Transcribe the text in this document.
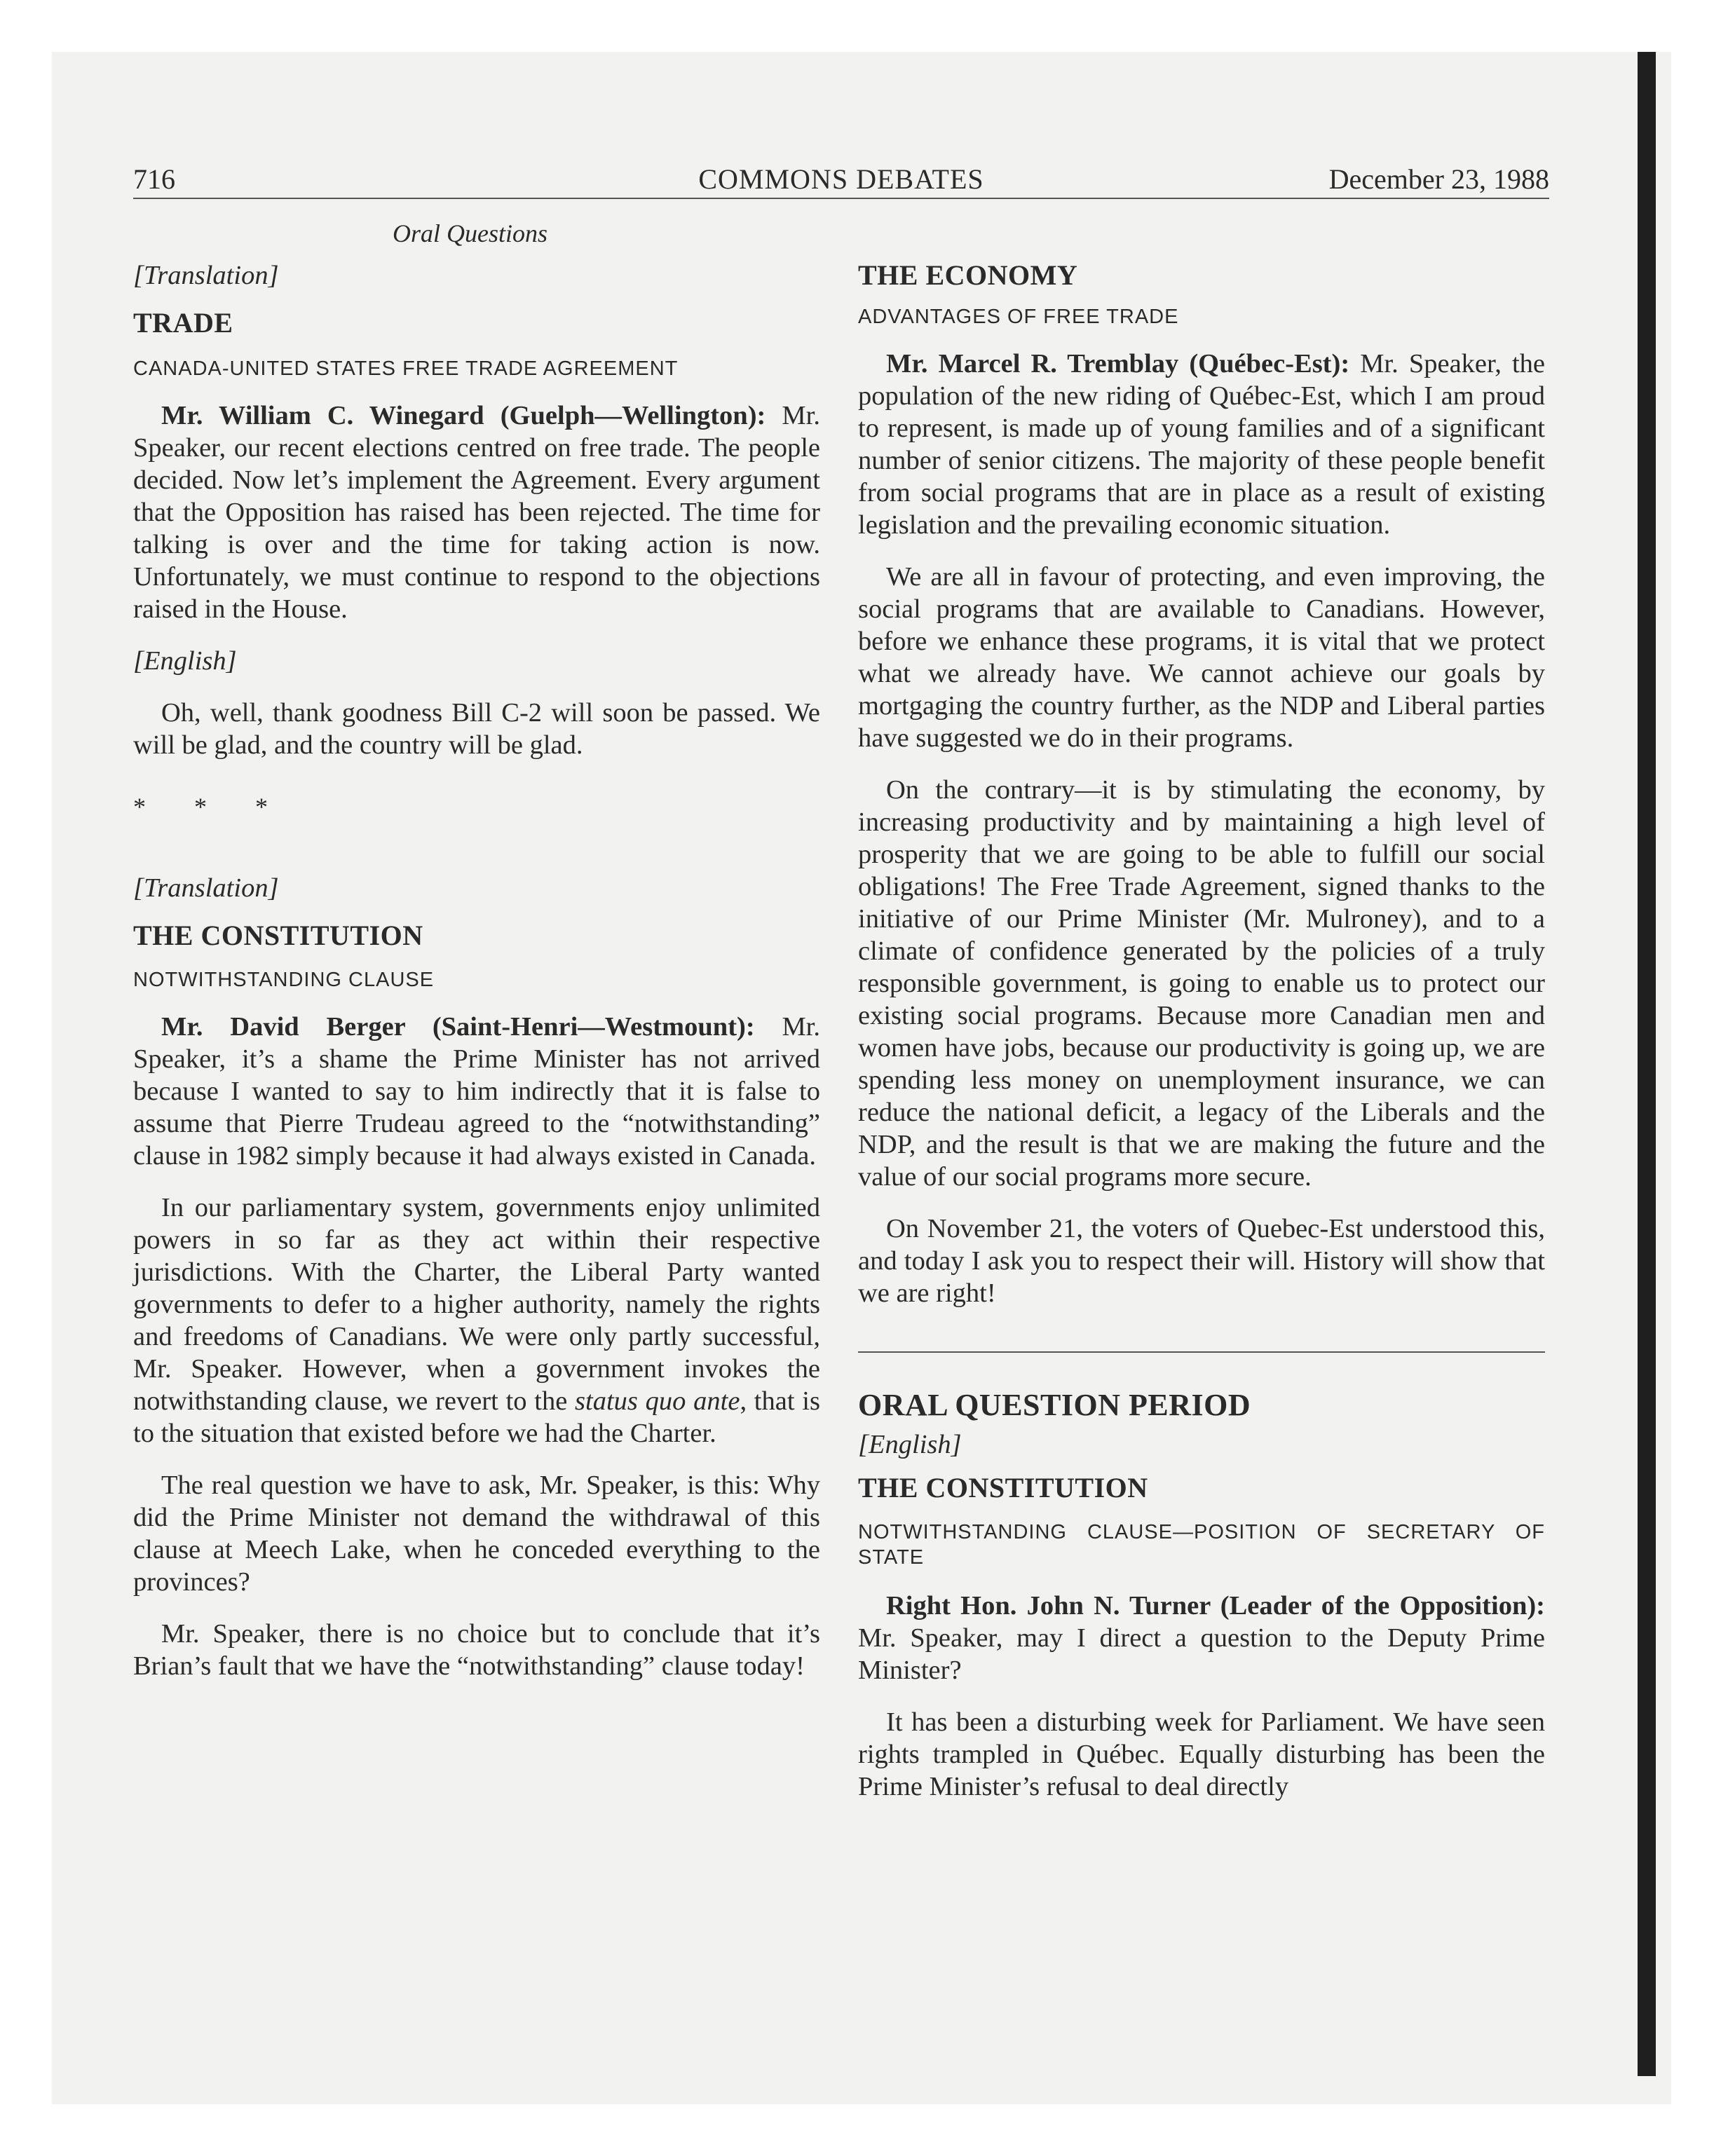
716	COMMONS DEBATES	December 23, 1988
Oral Questions

[Translation]

TRADE

CANADA-UNITED STATES FREE TRADE AGREEMENT

Mr. William C. Winegard (Guelph—Wellington): Mr. Speaker, our recent elections centred on free trade. The people decided. Now let’s implement the Agreement. Every argument that the Opposition has raised has been rejected. The time for talking is over and the time for taking action is now. Unfortunately, we must continue to respond to the objections raised in the House.

[English]

Oh, well, thank goodness Bill C-2 will soon be passed. We will be glad, and the country will be glad.

* * *

[Translation]

THE CONSTITUTION

NOTWITHSTANDING CLAUSE

Mr. David Berger (Saint-Henri—Westmount): Mr. Speaker, it’s a shame the Prime Minister has not arrived because I wanted to say to him indirectly that it is false to assume that Pierre Trudeau agreed to the “notwithstanding” clause in 1982 simply because it had always existed in Canada.

In our parliamentary system, governments enjoy unlimited powers in so far as they act within their respective jurisdictions. With the Charter, the Liberal Party wanted governments to defer to a higher authority, namely the rights and freedoms of Canadians. We were only partly successful, Mr. Speaker. However, when a government invokes the notwithstanding clause, we revert to the status quo ante, that is to the situation that existed before we had the Charter.

The real question we have to ask, Mr. Speaker, is this: Why did the Prime Minister not demand the withdrawal of this clause at Meech Lake, when he conceded everything to the provinces?

Mr. Speaker, there is no choice but to conclude that it’s Brian’s fault that we have the “notwithstanding” clause today!

THE ECONOMY

ADVANTAGES OF FREE TRADE

Mr. Marcel R. Tremblay (Québec-Est): Mr. Speaker, the population of the new riding of Québec-Est, which I am proud to represent, is made up of young families and of a significant number of senior citizens. The majority of these people benefit from social programs that are in place as a result of existing legislation and the prevailing economic situation.

We are all in favour of protecting, and even improving, the social programs that are available to Canadians. However, before we enhance these programs, it is vital that we protect what we already have. We cannot achieve our goals by mortgaging the country further, as the NDP and Liberal parties have suggested we do in their programs.

On the contrary—it is by stimulating the economy, by increasing productivity and by maintaining a high level of prosperity that we are going to be able to fulfill our social obligations! The Free Trade Agreement, signed thanks to the initiative of our Prime Minister (Mr. Mulroney), and to a climate of confidence generated by the policies of a truly responsible government, is going to enable us to protect our existing social programs. Because more Canadian men and women have jobs, because our productivity is going up, we are spending less money on unemployment insurance, we can reduce the national deficit, a legacy of the Liberals and the NDP, and the result is that we are making the future and the value of our social programs more secure.

On November 21, the voters of Quebec-Est understood this, and today I ask you to respect their will. History will show that we are right!

ORAL QUESTION PERIOD

[English]

THE CONSTITUTION

NOTWITHSTANDING CLAUSE—POSITION OF SECRETARY OF STATE

Right Hon. John N. Turner (Leader of the Opposition): Mr. Speaker, may I direct a question to the Deputy Prime Minister?

It has been a disturbing week for Parliament. We have seen rights trampled in Québec. Equally disturbing has been the Prime Minister’s refusal to deal directly
